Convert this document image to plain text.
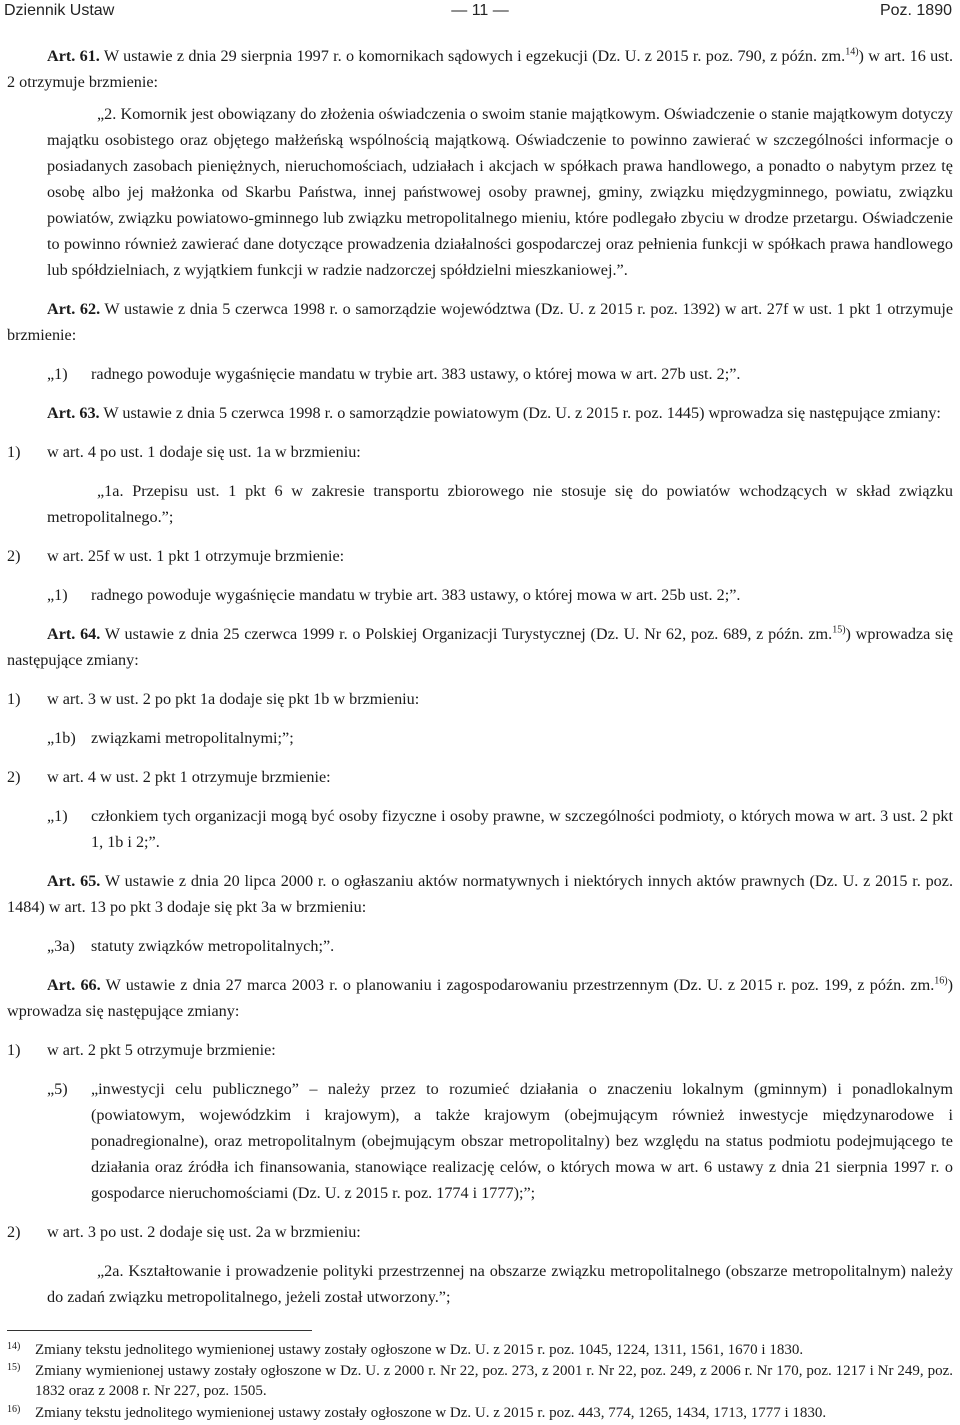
Dziennik Ustaw	— 11 —	Poz. 1890

Art. 61. W ustawie z dnia 29 sierpnia 1997 r. o komornikach sądowych i egzekucji (Dz. U. z 2015 r. poz. 790, z późn. zm.$^{14)}$) w art. 16 ust. 2 otrzymuje brzmienie:

„2. Komornik jest obowiązany do złożenia oświadczenia o swoim stanie majątkowym. Oświadczenie o stanie majątkowym dotyczy majątku osobistego oraz objętego małżeńską wspólnością majątkową. Oświadczenie to powinno zawierać w szczególności informacje o posiadanych zasobach pieniężnych, nieruchomościach, udziałach i akcjach w spółkach prawa handlowego, a ponadto o nabytym przez tę osobę albo jej małżonka od Skarbu Państwa, innej państwowej osoby prawnej, gminy, związku międzygminnego, powiatu, związku powiatów, związku powiatowo-gminnego lub związku metropolitalnego mieniu, które podlegało zbyciu w drodze przetargu. Oświadczenie to powinno również zawierać dane dotyczące prowadzenia działalności gospodarczej oraz pełnienia funkcji w spółkach prawa handlowego lub spółdzielniach, z wyjątkiem funkcji w radzie nadzorczej spółdzielni mieszkaniowej.”.

Art. 62. W ustawie z dnia 5 czerwca 1998 r. o samorządzie województwa (Dz. U. z 2015 r. poz. 1392) w art. 27f w ust. 1 pkt 1 otrzymuje brzmienie:

„1)	radnego powoduje wygaśnięcie mandatu w trybie art. 383 ustawy, o której mowa w art. 27b ust. 2;”.

Art. 63. W ustawie z dnia 5 czerwca 1998 r. o samorządzie powiatowym (Dz. U. z 2015 r. poz. 1445) wprowadza się następujące zmiany:

1)	w art. 4 po ust. 1 dodaje się ust. 1a w brzmieniu:

„1a. Przepisu ust. 1 pkt 6 w zakresie transportu zbiorowego nie stosuje się do powiatów wchodzących w skład związku metropolitalnego.”;

2)	w art. 25f w ust. 1 pkt 1 otrzymuje brzmienie:
„1)	radnego powoduje wygaśnięcie mandatu w trybie art. 383 ustawy, o której mowa w art. 25b ust. 2;”.

Art. 64. W ustawie z dnia 25 czerwca 1999 r. o Polskiej Organizacji Turystycznej (Dz. U. Nr 62, poz. 689, z późn. zm.$^{15)}$) wprowadza się następujące zmiany:

1)	w art. 3 w ust. 2 po pkt 1a dodaje się pkt 1b w brzmieniu:
„1b) związkami metropolitalnymi;”;
2)	w art. 4 w ust. 2 pkt 1 otrzymuje brzmienie:
„1)	członkiem tych organizacji mogą być osoby fizyczne i osoby prawne, w szczególności podmioty, o których mowa w art. 3 ust. 2 pkt 1, 1b i 2;”.

Art. 65. W ustawie z dnia 20 lipca 2000 r. o ogłaszaniu aktów normatywnych i niektórych innych aktów prawnych (Dz. U. z 2015 r. poz. 1484) w art. 13 po pkt 3 dodaje się pkt 3a w brzmieniu:

„3a) statuty związków metropolitalnych;”.

Art. 66. W ustawie z dnia 27 marca 2003 r. o planowaniu i zagospodarowaniu przestrzennym (Dz. U. z 2015 r. poz. 199, z późn. zm.$^{16)}$) wprowadza się następujące zmiany:

1)	w art. 2 pkt 5 otrzymuje brzmienie:
„5)	„inwestycji celu publicznego” – należy przez to rozumieć działania o znaczeniu lokalnym (gminnym) i ponadlokalnym (powiatowym, wojewódzkim i krajowym), a także krajowym (obejmującym również inwestycje międzynarodowe i ponadregionalne), oraz metropolitalnym (obejmującym obszar metropolitalny) bez względu na status podmiotu podejmującego te działania oraz źródła ich finansowania, stanowiące realizację celów, o których mowa w art. 6 ustawy z dnia 21 sierpnia 1997 r. o gospodarce nieruchomościami (Dz. U. z 2015 r. poz. 1774 i 1777);”;
2)	w art. 3 po ust. 2 dodaje się ust. 2a w brzmieniu:

„2a. Kształtowanie i prowadzenie polityki przestrzennej na obszarze związku metropolitalnego (obszarze metropolitalnym) należy do zadań związku metropolitalnego, jeżeli został utworzony.”;

14) Zmiany tekstu jednolitego wymienionej ustawy zostały ogłoszone w Dz. U. z 2015 r. poz. 1045, 1224, 1311, 1561, 1670 i 1830.
15) Zmiany wymienionej ustawy zostały ogłoszone w Dz. U. z 2000 r. Nr 22, poz. 273, z 2001 r. Nr 22, poz. 249, z 2006 r. Nr 170, poz. 1217 i Nr 249, poz. 1832 oraz z 2008 r. Nr 227, poz. 1505.
16) Zmiany tekstu jednolitego wymienionej ustawy zostały ogłoszone w Dz. U. z 2015 r. poz. 443, 774, 1265, 1434, 1713, 1777 i 1830.
